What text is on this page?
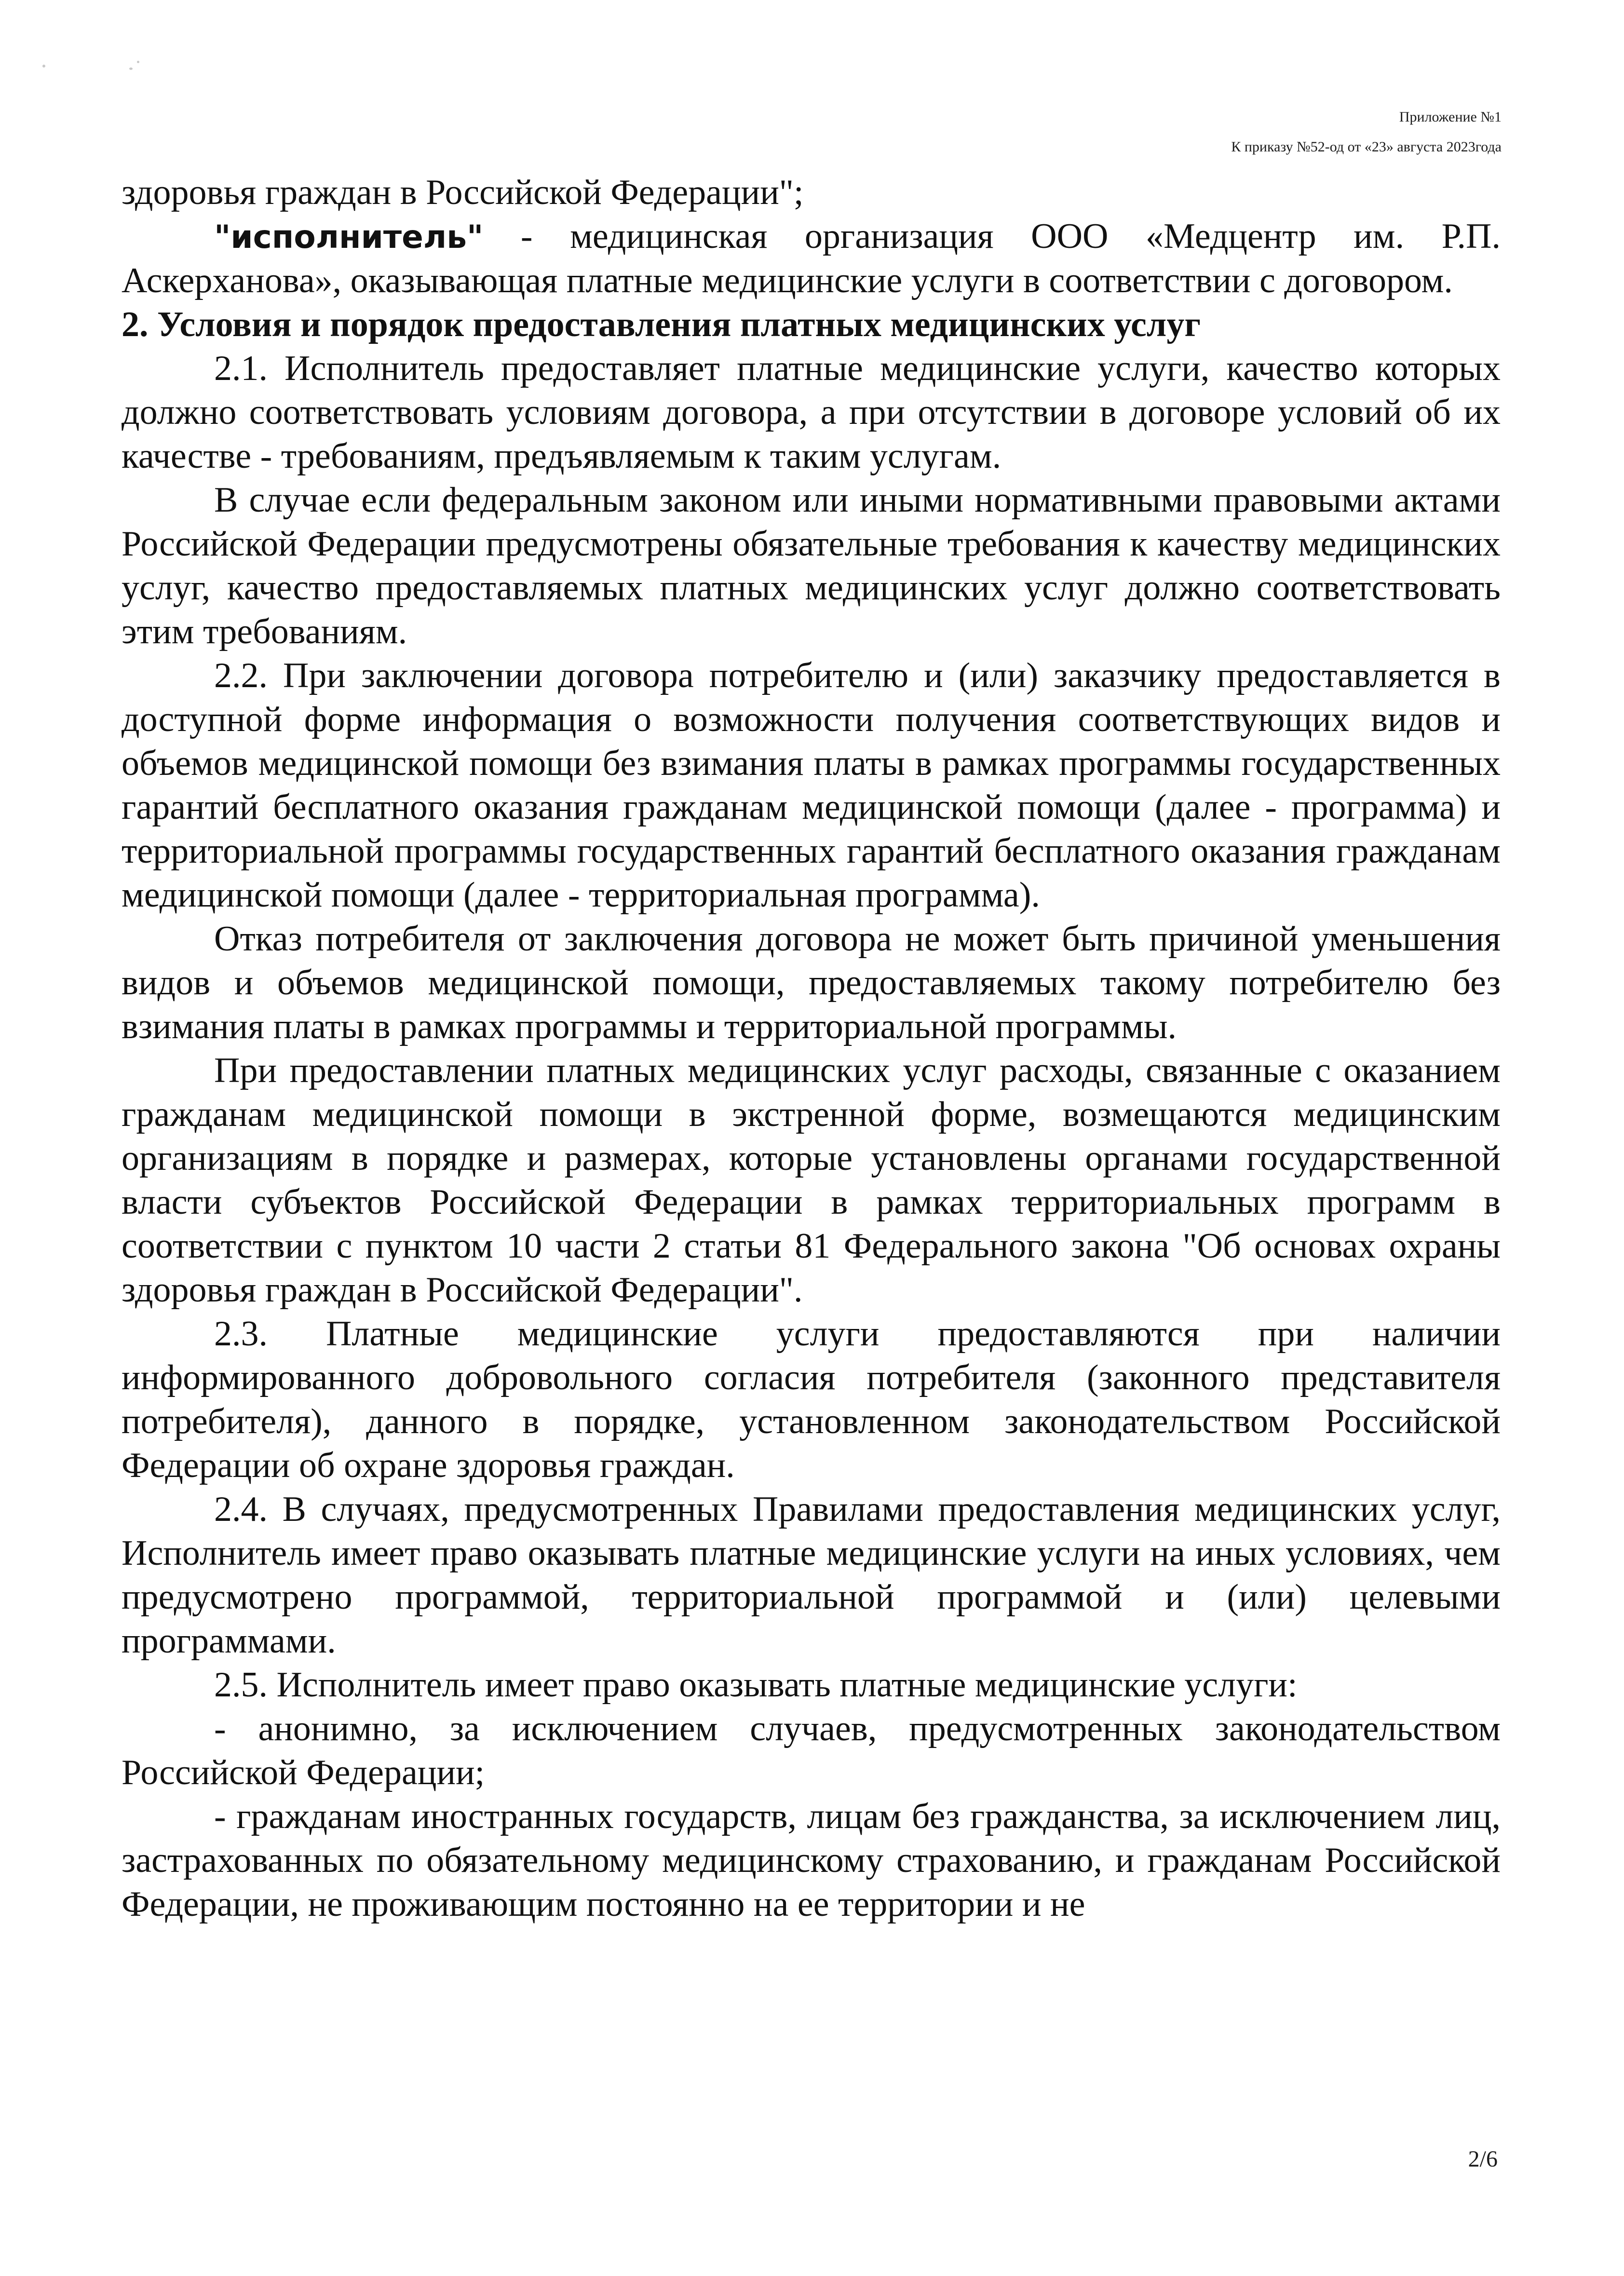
Приложение №1
К приказу №52-од от «23» августа 2023года

здоровья граждан в Российской Федерации";

"исполнитель" - медицинская организация ООО «Медцентр им. Р.П. Аскерханова», оказывающая платные медицинские услуги в соответствии с договором.

2. Условия и порядок предоставления платных медицинских услуг

2.1. Исполнитель предоставляет платные медицинские услуги, качество которых должно соответствовать условиям договора, а при отсутствии в договоре условий об их качестве - требованиям, предъявляемым к таким услугам.

В случае если федеральным законом или иными нормативными правовыми актами Российской Федерации предусмотрены обязательные требования к качеству медицинских услуг, качество предоставляемых платных медицинских услуг должно соответствовать этим требованиям.

2.2. При заключении договора потребителю и (или) заказчику предоставляется в доступной форме информация о возможности получения соответствующих видов и объемов медицинской помощи без взимания платы в рамках программы государственных гарантий бесплатного оказания гражданам медицинской помощи (далее - программа) и территориальной программы государственных гарантий бесплатного оказания гражданам медицинской помощи (далее - территориальная программа).

Отказ потребителя от заключения договора не может быть причиной уменьшения видов и объемов медицинской помощи, предоставляемых такому потребителю без взимания платы в рамках программы и территориальной программы.

При предоставлении платных медицинских услуг расходы, связанные с оказанием гражданам медицинской помощи в экстренной форме, возмещаются медицинским организациям в порядке и размерах, которые установлены органами государственной власти субъектов Российской Федерации в рамках территориальных программ в соответствии с пунктом 10 части 2 статьи 81 Федерального закона "Об основах охраны здоровья граждан в Российской Федерации".

2.3. Платные медицинские услуги предоставляются при наличии информированного добровольного согласия потребителя (законного представителя потребителя), данного в порядке, установленном законодательством Российской Федерации об охране здоровья граждан.

2.4. В случаях, предусмотренных Правилами предоставления медицинских услуг, Исполнитель имеет право оказывать платные медицинские услуги на иных условиях, чем предусмотрено программой, территориальной программой и (или) целевыми программами.

2.5. Исполнитель имеет право оказывать платные медицинские услуги:

- анонимно, за исключением случаев, предусмотренных законодательством Российской Федерации;

- гражданам иностранных государств, лицам без гражданства, за исключением лиц, застрахованных по обязательному медицинскому страхованию, и гражданам Российской Федерации, не проживающим постоянно на ее территории и не

2/6
